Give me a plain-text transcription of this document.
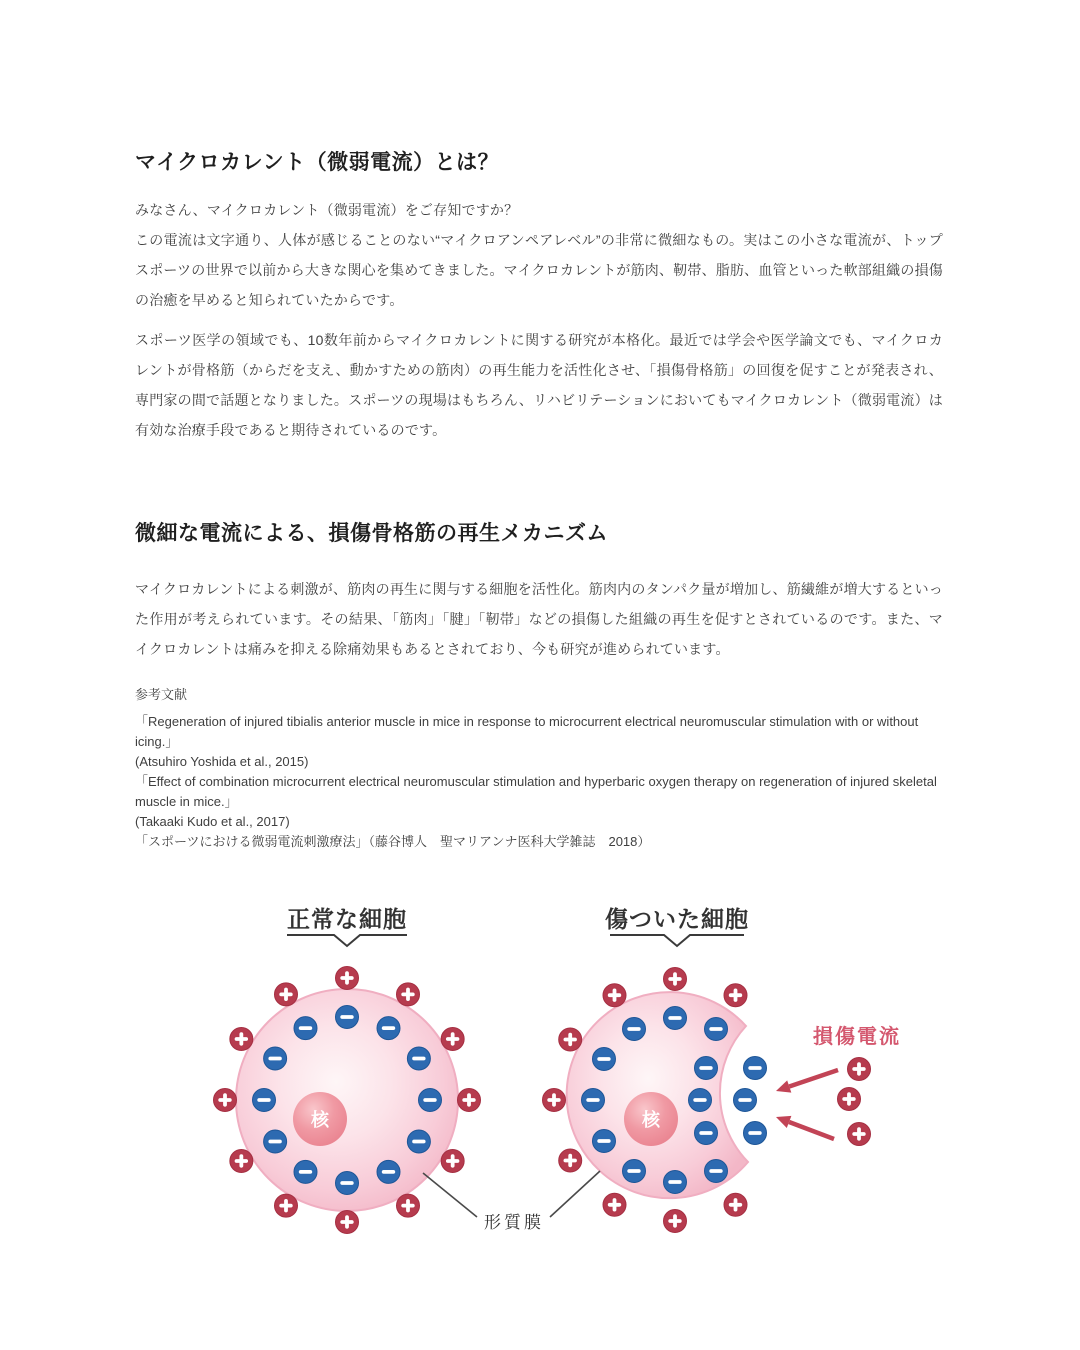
マイクロカレント（微弱電流）とは？

みなさん、マイクロカレント（微弱電流）をご存知ですか？
この電流は文字通り、人体が感じることのない“マイクロアンペアレベル”の非常に微細なもの。実はこの小さな電流が、トップスポーツの世界で以前から大きな関心を集めてきました。マイクロカレントが筋肉、靭帯、脂肪、血管といった軟部組織の損傷の治癒を早めると知られていたからです。

スポーツ医学の領域でも、10数年前からマイクロカレントに関する研究が本格化。最近では学会や医学論文でも、マイクロカレントが骨格筋（からだを支え、動かすための筋肉）の再生能力を活性化させ、「損傷骨格筋」の回復を促すことが発表され、専門家の間で話題となりました。スポーツの現場はもちろん、リハビリテーションにおいてもマイクロカレント（微弱電流）は有効な治療手段であると期待されているのです。

微細な電流による、損傷骨格筋の再生メカニズム

マイクロカレントによる刺激が、筋肉の再生に関与する細胞を活性化。筋肉内のタンパク量が増加し、筋繊維が増大するといった作用が考えられています。その結果、「筋肉」「腱」「靭帯」などの損傷した組織の再生を促すとされているのです。また、マイクロカレントは痛みを抑える除痛効果もあるとされており、今も研究が進められています。

参考文献
「Regeneration of injured tibialis anterior muscle in mice in response to microcurrent electrical neuromuscular stimulation with or without icing.」
(Atsuhiro Yoshida et al., 2015)
「Effect of combination microcurrent electrical neuromuscular stimulation and hyperbaric oxygen therapy on regeneration of injured skeletal muscle in mice.」
(Takaaki Kudo et al., 2017)
「スポーツにおける微弱電流刺激療法」（藤谷博人　聖マリアンナ医科大学雑誌　2018）
正常な細胞
核
傷ついた細胞
核
損傷電流
形質膜
